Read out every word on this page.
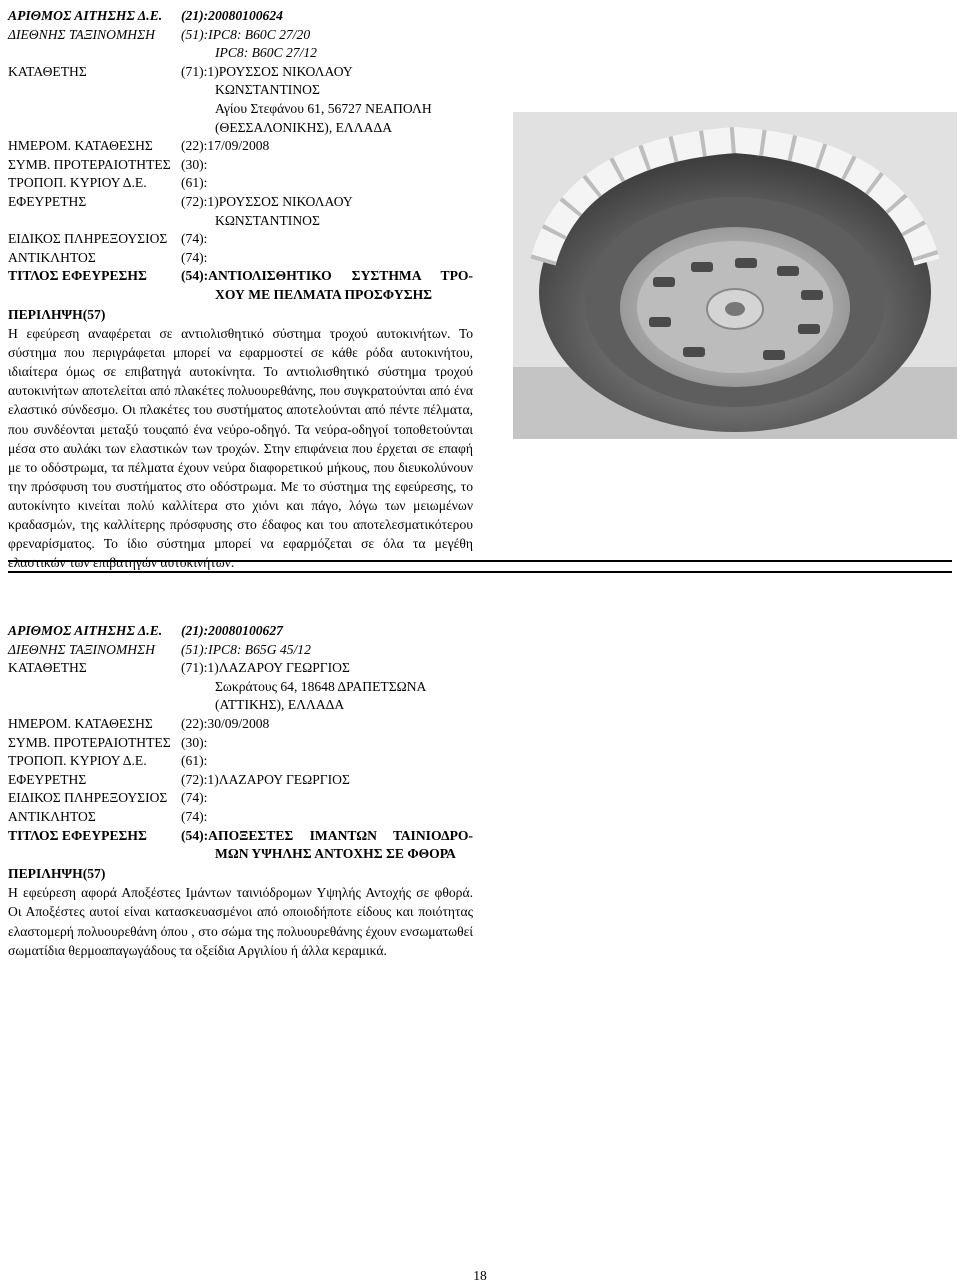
ΑΡΙΘΜΟΣ ΑΙΤΗΣΗΣ Δ.Ε.	(21):20080100624
ΔΙΕΘΝΗΣ ΤΑΞΙΝΟΜΗΣΗ	(51):IPC8: B60C 27/20
IPC8: B60C 27/12
ΚΑΤΑΘΕΤΗΣ	(71):1)ΡΟΥΣΣΟΣ ΝΙΚΟΛΑΟΥ
ΚΩΝΣΤΑΝΤΙΝΟΣ
Αγίου Στεφάνου 61, 56727 ΝΕΑΠΟΛΗ
(ΘΕΣΣΑΛΟΝΙΚΗΣ), ΕΛΛΑΔΑ
ΗΜΕΡΟΜ. ΚΑΤΑΘΕΣΗΣ	(22):17/09/2008
ΣΥΜΒ. ΠΡΟΤΕΡΑΙΟΤΗΤΕΣ (30):
ΤΡΟΠΟΠ. ΚΥΡΙΟΥ Δ.Ε.	(61):
ΕΦΕΥΡΕΤΗΣ	(72):1)ΡΟΥΣΣΟΣ ΝΙΚΟΛΑΟΥ
ΚΩΝΣΤΑΝΤΙΝΟΣ
ΕΙΔΙΚΟΣ ΠΛΗΡΕΞΟΥΣΙΟΣ	(74):
ΑΝΤΙΚΛΗΤΟΣ	(74):
ΤΙΤΛΟΣ ΕΦΕΥΡΕΣΗΣ	(54):ΑΝΤΙΟΛΙΣΘΗΤΙΚΟ ΣΥΣΤΗΜΑ ΤΡΟ-
ΧΟΥ ΜΕ ΠΕΛΜΑΤΑ ΠΡΟΣΦΥΣΗΣ
ΠΕΡΙΛΗΨΗ(57)
Η εφεύρεση αναφέρεται σε αντιολισθητικό σύστημα τροχού αυτοκινήτων. Το σύστημα που περιγράφεται μπορεί να εφαρμοστεί σε κάθε ρόδα αυτοκινήτου, ιδιαίτερα όμως σε επιβατηγά αυτοκίνητα. Το αντιολισθητικό σύστημα τροχού αυτοκινήτων αποτελείται από πλακέτες πολυουρεθάνης, που συγκρατούνται από ένα ελαστικό σύνδεσμο. Οι πλακέτες του συστήματος αποτελούνται από πέντε πέλματα, που συνδέονται μεταξύ τουςαπό ένα νεύρο-οδηγό. Τα νεύρα-οδηγοί τοποθετούνται μέσα στο αυλάκι των ελαστικών των τροχών. Στην επιφάνεια που έρχεται σε επαφή με το οδόστρωμα, τα πέλματα έχουν νεύρα διαφορετικού μήκους, που διευκολύνουν την πρόσφυση του συστήματος στο οδόστρωμα. Με το σύστημα της εφεύρεσης, το αυτοκίνητο κινείται πολύ καλλίτερα στο χιόνι και πάγο, λόγω των μειωμένων κραδασμών, της καλλίτερης πρόσφυσης στο έδαφος και του αποτελεσματικότερου φρεναρίσματος. Το ίδιο σύστημα μπορεί να εφαρμόζεται σε όλα τα μεγέθη ελαστικών των επιβατηγών αυτοκινήτων.
ΑΡΙΘΜΟΣ ΑΙΤΗΣΗΣ Δ.Ε.	(21):20080100627
ΔΙΕΘΝΗΣ ΤΑΞΙΝΟΜΗΣΗ	(51):IPC8: B65G 45/12
ΚΑΤΑΘΕΤΗΣ	(71):1)ΛΑΖΑΡΟΥ ΓΕΩΡΓΙΟΣ
Σωκράτους 64, 18648 ΔΡΑΠΕΤΣΩΝΑ
(ΑΤΤΙΚΗΣ), ΕΛΛΑΔΑ
ΗΜΕΡΟΜ. ΚΑΤΑΘΕΣΗΣ	(22):30/09/2008
ΣΥΜΒ. ΠΡΟΤΕΡΑΙΟΤΗΤΕΣ (30):
ΤΡΟΠΟΠ. ΚΥΡΙΟΥ Δ.Ε.	(61):
ΕΦΕΥΡΕΤΗΣ	(72):1)ΛΑΖΑΡΟΥ ΓΕΩΡΓΙΟΣ
ΕΙΔΙΚΟΣ ΠΛΗΡΕΞΟΥΣΙΟΣ	(74):
ΑΝΤΙΚΛΗΤΟΣ	(74):
ΤΙΤΛΟΣ ΕΦΕΥΡΕΣΗΣ	(54):ΑΠΟΞΕΣΤΕΣ ΙΜΑΝΤΩΝ ΤΑΙΝΙΟΔΡΟ-
ΜΩΝ ΥΨΗΛΗΣ ΑΝΤΟΧΗΣ ΣΕ ΦΘΟΡΑ
ΠΕΡΙΛΗΨΗ(57)
Η εφεύρεση αφορά Αποξέστες Ιμάντων ταινιόδρομων Υψηλής Αντοχής σε φθορά. Οι Αποξέστες αυτοί είναι κατασκευασμένοι από οποιοδήποτε είδους και ποιότητας ελαστομερή πολυουρεθάνη όπου , στο σώμα της πολυουρεθάνης έχουν ενσωματωθεί σωματίδια θερμοαπαγωγάδους τα οξείδια Αργιλίου ή άλλα κεραμικά.
18
